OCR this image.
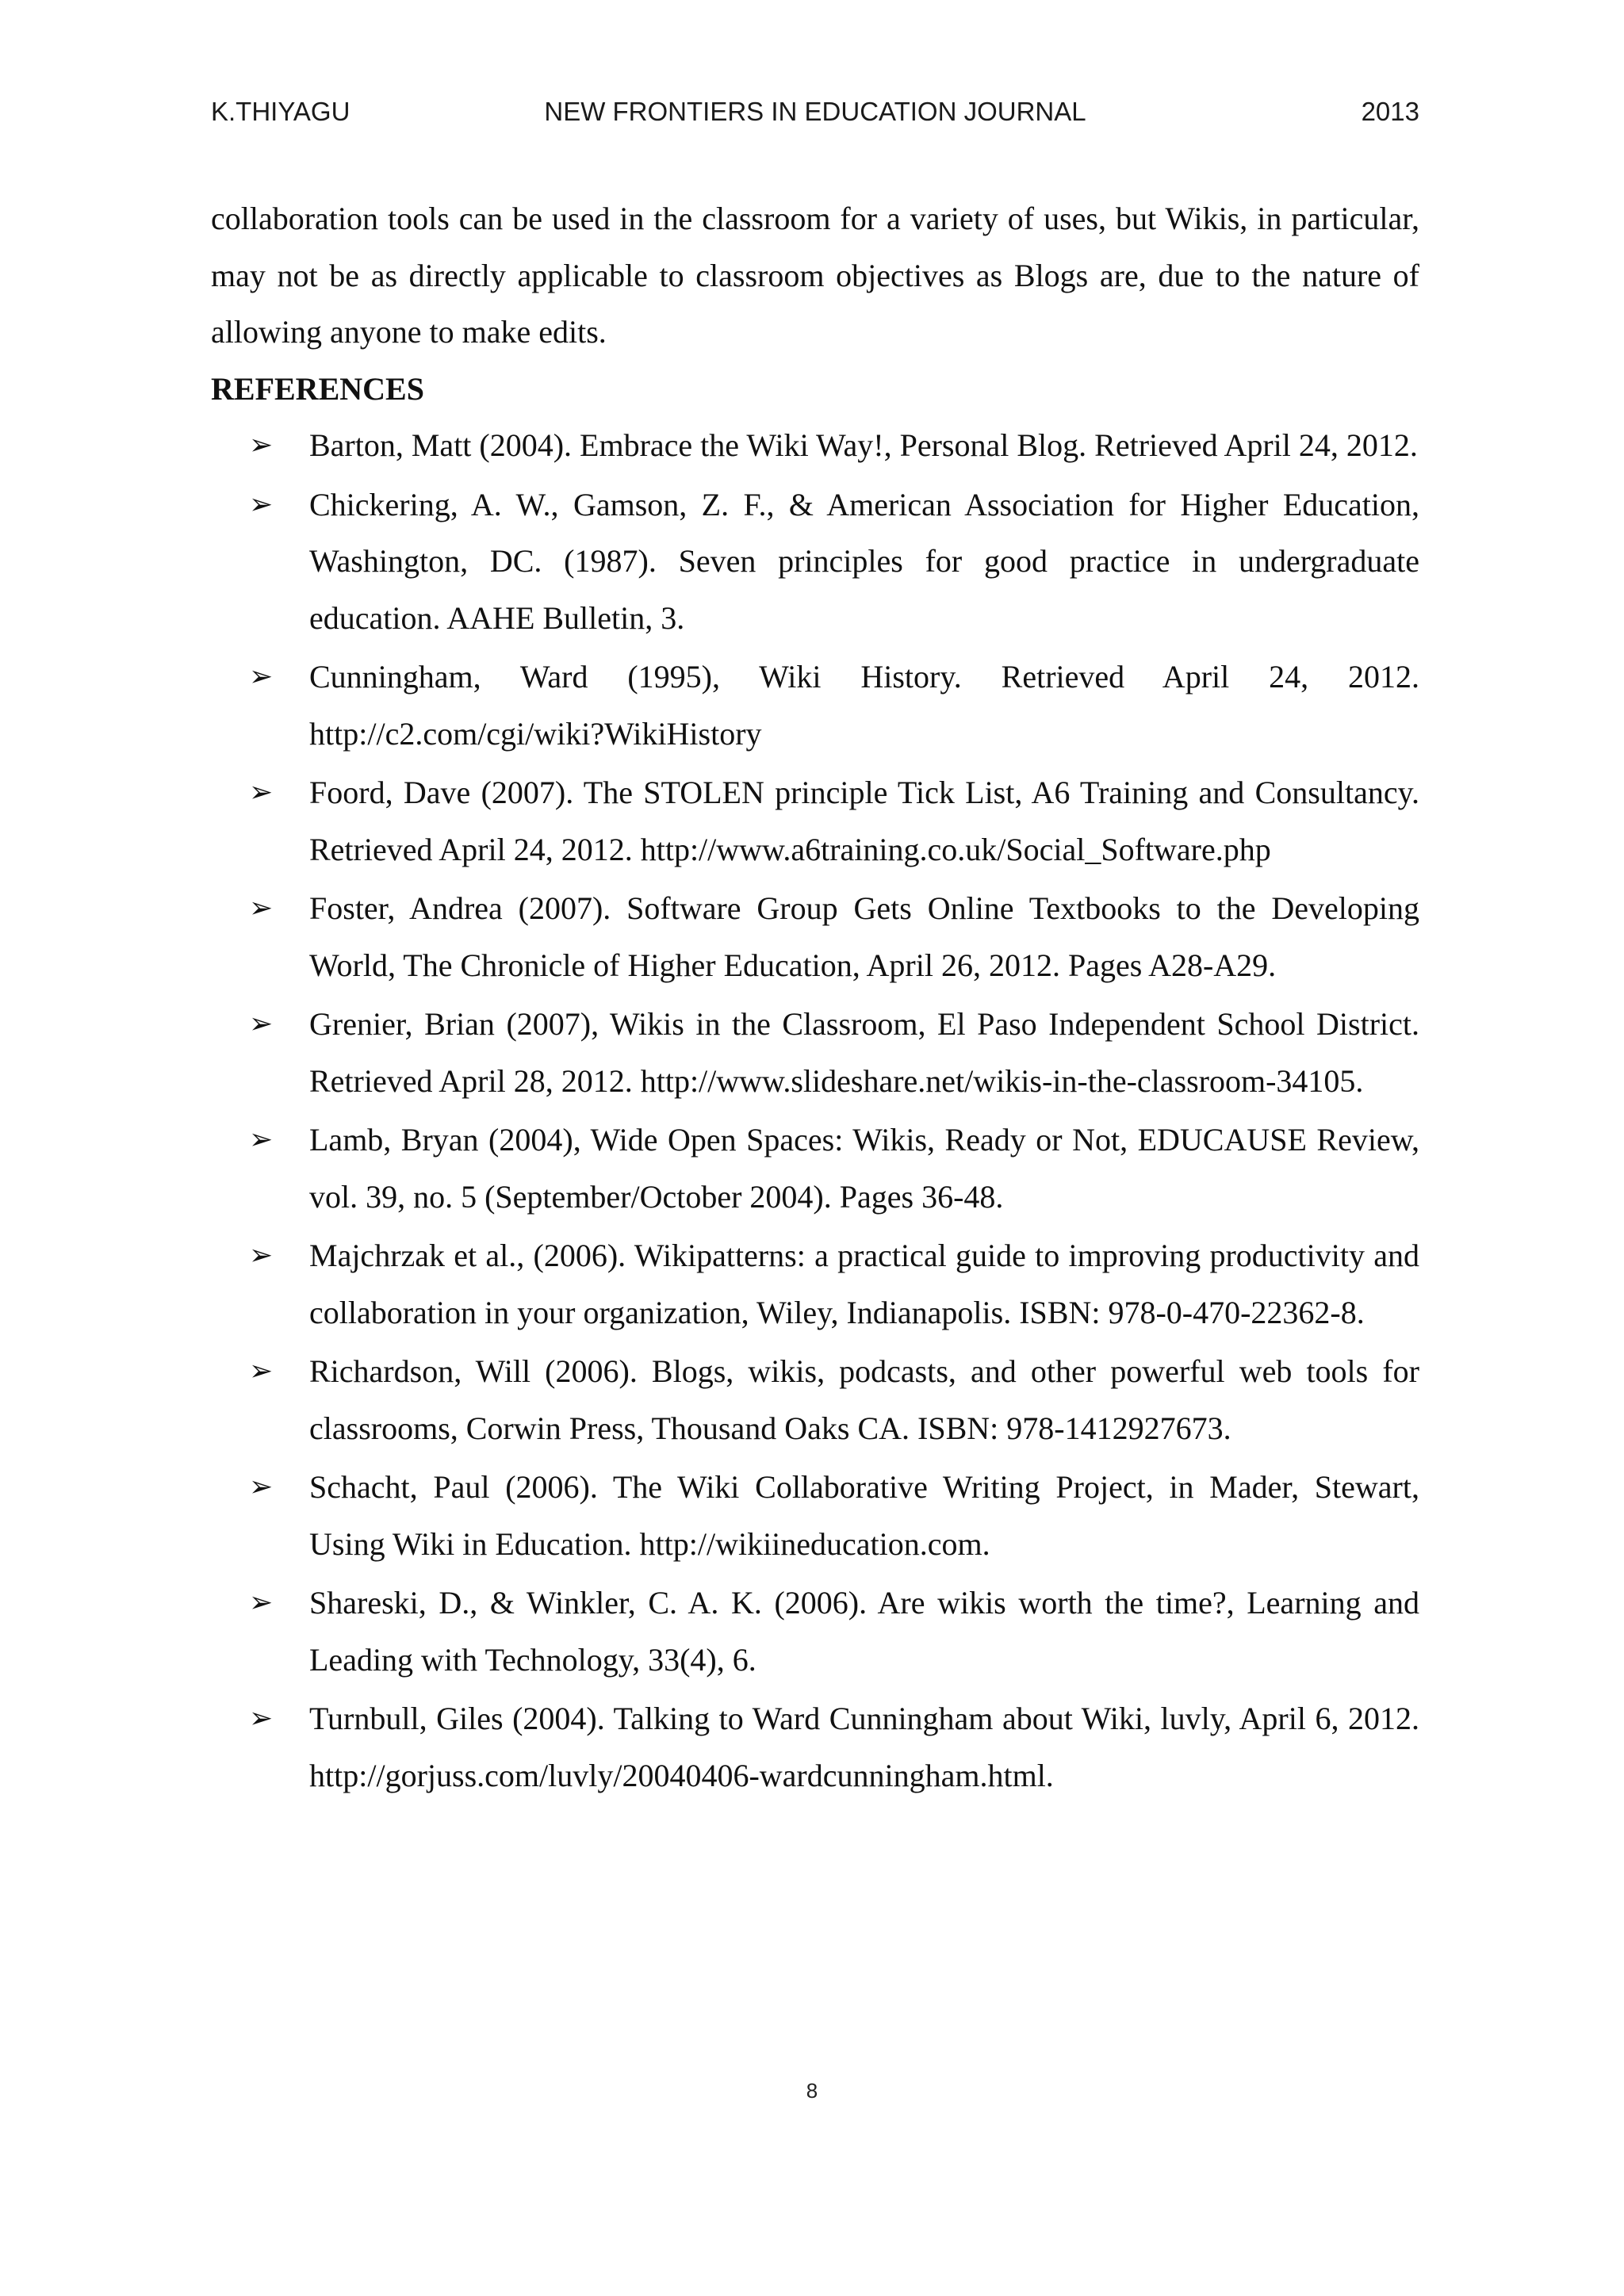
K.THIYAGU	NEW FRONTIERS IN EDUCATION JOURNAL	2013

collaboration tools can be used in the classroom for a variety of uses, but Wikis, in particular, may not be as directly applicable to classroom objectives as Blogs are, due to the nature of allowing anyone to make edits.

REFERENCES

➢ Barton, Matt (2004). Embrace the Wiki Way!, Personal Blog. Retrieved April 24, 2012.
➢ Chickering, A. W., Gamson, Z. F., & American Association for Higher Education, Washington, DC. (1987). Seven principles for good practice in undergraduate education. AAHE Bulletin, 3.
➢ Cunningham, Ward (1995), Wiki History. Retrieved April 24, 2012. http://c2.com/cgi/wiki?WikiHistory
➢ Foord, Dave (2007). The STOLEN principle Tick List, A6 Training and Consultancy. Retrieved April 24, 2012. http://www.a6training.co.uk/Social_Software.php
➢ Foster, Andrea (2007). Software Group Gets Online Textbooks to the Developing World, The Chronicle of Higher Education, April 26, 2012. Pages A28-A29.
➢ Grenier, Brian (2007), Wikis in the Classroom, El Paso Independent School District. Retrieved April 28, 2012. http://www.slideshare.net/wikis-in-the-classroom-34105.
➢ Lamb, Bryan (2004), Wide Open Spaces: Wikis, Ready or Not, EDUCAUSE Review, vol. 39, no. 5 (September/October 2004). Pages 36-48.
➢ Majchrzak et al., (2006). Wikipatterns: a practical guide to improving productivity and collaboration in your organization, Wiley, Indianapolis. ISBN: 978-0-470-22362-8.
➢ Richardson, Will (2006). Blogs, wikis, podcasts, and other powerful web tools for classrooms, Corwin Press, Thousand Oaks CA. ISBN: 978-1412927673.
➢ Schacht, Paul (2006). The Wiki Collaborative Writing Project, in Mader, Stewart, Using Wiki in Education. http://wikiineducation.com.
➢ Shareski, D., & Winkler, C. A. K. (2006). Are wikis worth the time?, Learning and Leading with Technology, 33(4), 6.
➢ Turnbull, Giles (2004). Talking to Ward Cunningham about Wiki, luvly, April 6, 2012. http://gorjuss.com/luvly/20040406-wardcunningham.html.
8
